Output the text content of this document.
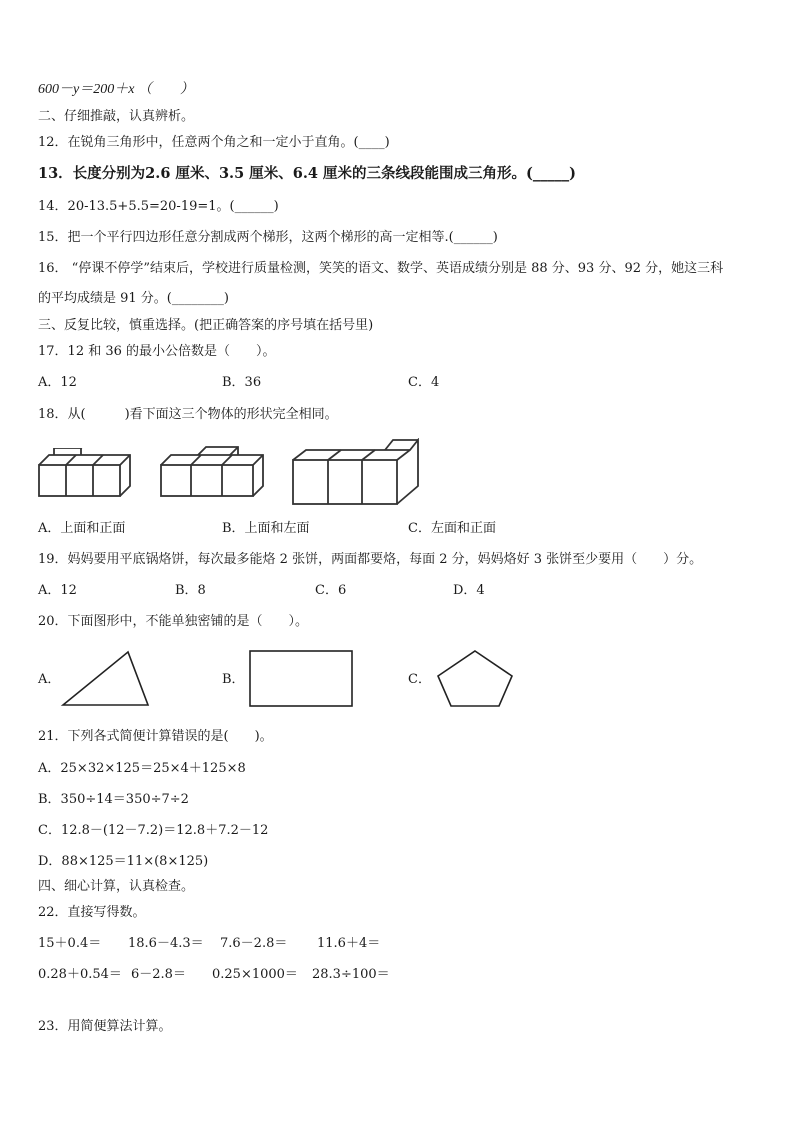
600－y＝200＋x （　　）
二、仔细推敲，认真辨析。
12．在锐角三角形中，任意两个角之和一定小于直角。(____)
13．长度分别为2.6 厘米、3.5 厘米、6.4 厘米的三条线段能围成三角形。(_____)
14．20-13.5+5.5=20-19=1。(______)
15．把一个平行四边形任意分割成两个梯形，这两个梯形的高一定相等.(______)
16． “停课不停学”结束后，学校进行质量检测，笑笑的语文、数学、英语成绩分别是 88 分、93 分、92 分，她这三科
的平均成绩是 91 分。(________)
三、反复比较，慎重选择。(把正确答案的序号填在括号里)
17．12 和 36 的最小公倍数是（　　）。
A．12	B．36	C．4
18．从(　　　)看下面这三个物体的形状完全相同。
A．上面和正面	B．上面和左面	C．左面和正面
19．妈妈要用平底锅烙饼，每次最多能烙 2 张饼，两面都要烙，每面 2 分，妈妈烙好 3 张饼至少要用（　　）分。
A．12	B．8	C．6	D．4
20．下面图形中，不能单独密铺的是（　　）。
A．	B．	C．
21．下列各式简便计算错误的是(　　)。
A．25×32×125＝25×4＋125×8
B．350÷14＝350÷7÷2
C．12.8－(12－7.2)＝12.8＋7.2－12
D．88×125＝11×(8×125)
四、细心计算，认真检查。
22．直接写得数。
15＋0.4＝ 18.6－4.3＝ 7.6－2.8＝ 11.6＋4＝
0.28＋0.54＝ 6－2.8＝ 0.25×1000＝ 28.3÷100＝
23．用简便算法计算。
